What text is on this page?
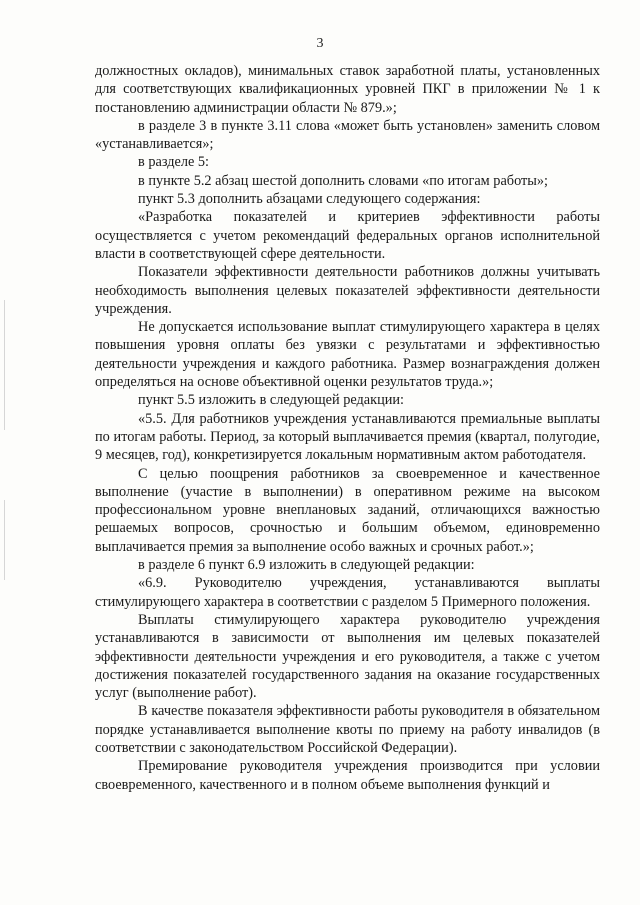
3

должностных окладов), минимальных ставок заработной платы, установленных для соответствующих квалификационных уровней ПКГ в приложении № 1 к постановлению администрации области № 879.»;

в разделе 3 в пункте 3.11 слова «может быть установлен» заменить словом «устанавливается»;

в разделе 5:

в пункте 5.2 абзац шестой дополнить словами «по итогам работы»;

пункт 5.3 дополнить абзацами следующего содержания:

«Разработка показателей и критериев эффективности работы осуществляется с учетом рекомендаций федеральных органов исполнительной власти в соответствующей сфере деятельности.

Показатели эффективности деятельности работников должны учитывать необходимость выполнения целевых показателей эффективности деятельности учреждения.

Не допускается использование выплат стимулирующего характера в целях повышения уровня оплаты без увязки с результатами и эффективностью деятельности учреждения и каждого работника. Размер вознаграждения должен определяться на основе объективной оценки результатов труда.»;

пункт 5.5 изложить в следующей редакции:

«5.5. Для работников учреждения устанавливаются премиальные выплаты по итогам работы. Период, за который выплачивается премия (квартал, полугодие, 9 месяцев, год), конкретизируется локальным нормативным актом работодателя.

С целью поощрения работников за своевременное и качественное выполнение (участие в выполнении) в оперативном режиме на высоком профессиональном уровне внеплановых заданий, отличающихся важностью решаемых вопросов, срочностью и большим объемом, единовременно выплачивается премия за выполнение особо важных и срочных работ.»;

в разделе 6 пункт 6.9 изложить в следующей редакции:

«6.9. Руководителю учреждения, устанавливаются выплаты стимулирующего характера в соответствии с разделом 5 Примерного положения.

Выплаты стимулирующего характера руководителю учреждения устанавливаются в зависимости от выполнения им целевых показателей эффективности деятельности учреждения и его руководителя, а также с учетом достижения показателей государственного задания на оказание государственных услуг (выполнение работ).

В качестве показателя эффективности работы руководителя в обязательном порядке устанавливается выполнение квоты по приему на работу инвалидов (в соответствии с законодательством Российской Федерации).

Премирование руководителя учреждения производится при условии своевременного, качественного и в полном объеме выполнения функций и
